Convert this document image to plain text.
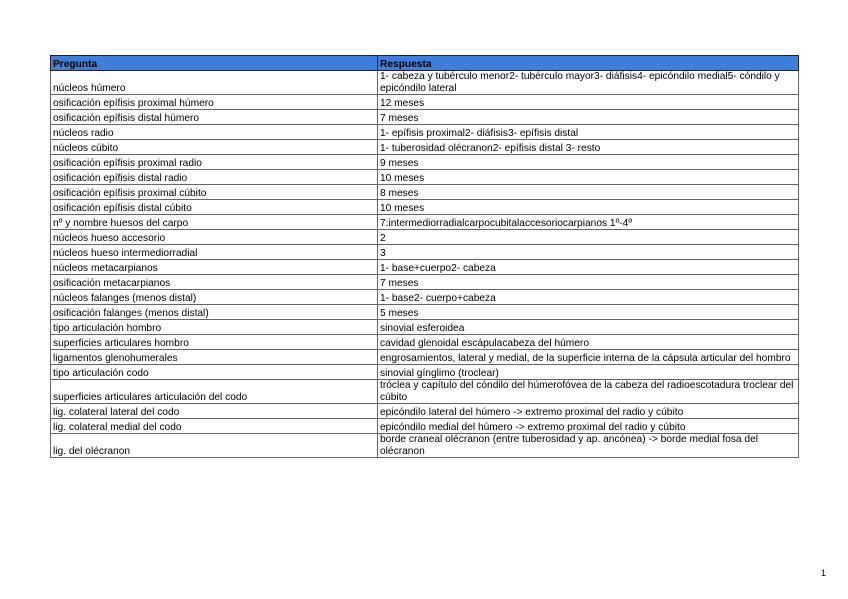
Pregunta	Respuesta
núcleos húmero	1- cabeza y tubérculo menor2- tubérculo mayor3- diáfisis4- epicóndilo medial5- cóndilo y epicóndilo lateral
osificación epífisis proximal húmero	12 meses
osificación epífisis distal húmero	7 meses
núcleos radio	1- epífisis proximal2- diáfisis3- epífisis distal
núcleos cúbito	1- tuberosidad olécranon2- epífisis distal 3- resto
osificación epífisis proximal radio	9 meses
osificación epífisis distal radio	10 meses
osificación epífisis proximal cúbito	8 meses
osificación epífisis distal cúbito	10 meses
nº y nombre huesos del carpo	7:intermediorradialcarpocubitalaccesoriocarpianos 1º-4º
núcleos hueso accesorio	2
núcleos hueso intermediorradial	3
núcleos metacarpianos	1- base+cuerpo2- cabeza
osificación metacarpianos	7 meses
núcleos falanges (menos distal)	1- base2- cuerpo+cabeza
osificación falanges (menos distal)	5 meses
tipo articulación hombro	sinovial esferoidea
superficies articulares hombro	cavidad glenoidal escápulacabeza del húmero
ligamentos glenohumerales	engrosamientos, lateral y medial, de la superficie interna de la cápsula articular del hombro
tipo articulación codo	sinovial gínglimo (troclear)
superficies articulares articulación del codo	tróclea y capítulo del cóndilo del húmerofóvea de la cabeza del radioescotadura troclear del cúbito
lig. colateral lateral del codo	epicóndilo lateral del húmero -> extremo proximal del radio y cúbito
lig. colateral medial del codo	epicóndilo medial del húmero -> extremo proximal del radio y cúbito
lig. del olécranon	borde craneal olécranon (entre tuberosidad y ap. ancónea) -> borde medial fosa del olécranon
1
